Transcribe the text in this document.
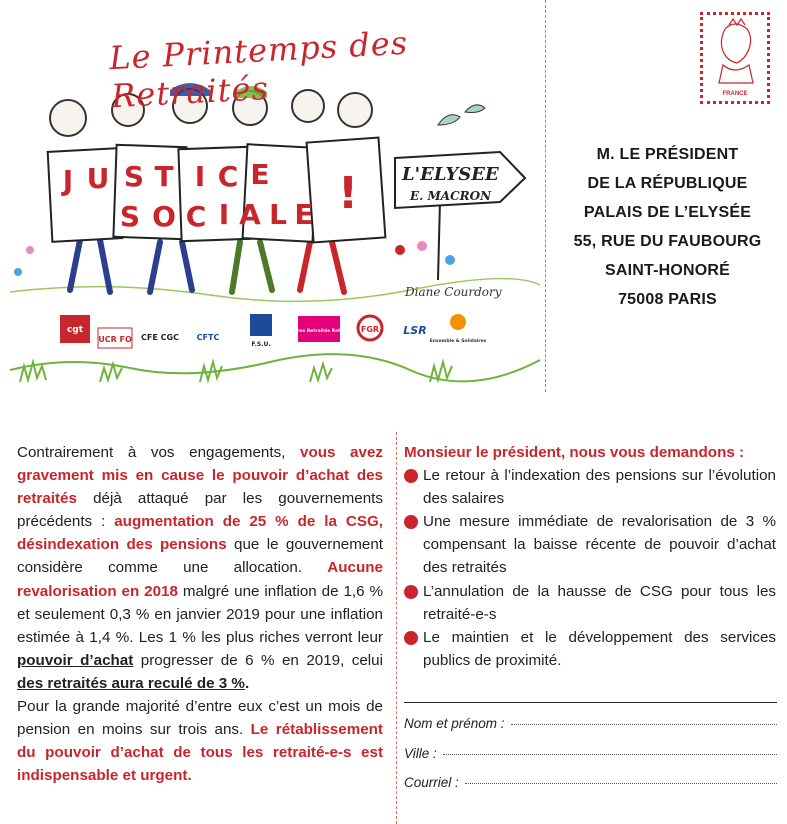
J U S T I C E
S O C I A L E ! L'ELYSEE
E. MACRON
Diane Courdory
cgt
UCR FO CFE CGC CFTC
F.S.U.
Solidaires Retraités Retraitées FGR LSR
Ensemble & Solidaires
Le Printemps des Retraités	FRANCE
M. LE PRÉSIDENT
DE LA RÉPUBLIQUE
PALAIS DE L’ELYSÉE
55, RUE DU FAUBOURG
SAINT-HONORÉ
75008 PARIS

Contrairement à vos engagements, vous avez gravement mis en cause le pouvoir d’achat des retraités déjà attaqué par les gouvernements précédents : augmentation de 25 % de la CSG, désindexation des pensions que le gouvernement considère comme une allocation. Aucune revalorisation en 2018 malgré une inflation de 1,6 % et seulement 0,3 % en janvier 2019 pour une inflation estimée à 1,4 %. Les 1 % les plus riches verront leur pouvoir d’achat progresser de 6 % en 2019, celui des retraités aura reculé de 3 %.

Pour la grande majorité d’entre eux c’est un mois de pension en moins sur trois ans. Le rétablissement du pouvoir d’achat de tous les retraité-e-s est indispensable et urgent.

Monsieur le président, nous vous demandons :

Le retour à l’indexation des pensions sur l’évolution des salaires
Une mesure immédiate de revalorisation de 3 % compensant la baisse récente de pouvoir d’achat des retraités
L’annulation de la hausse de CSG pour tous les retraité-e-s
Le maintien et le développement des services publics de proximité.
Nom et prénom :
Ville :
Courriel :
